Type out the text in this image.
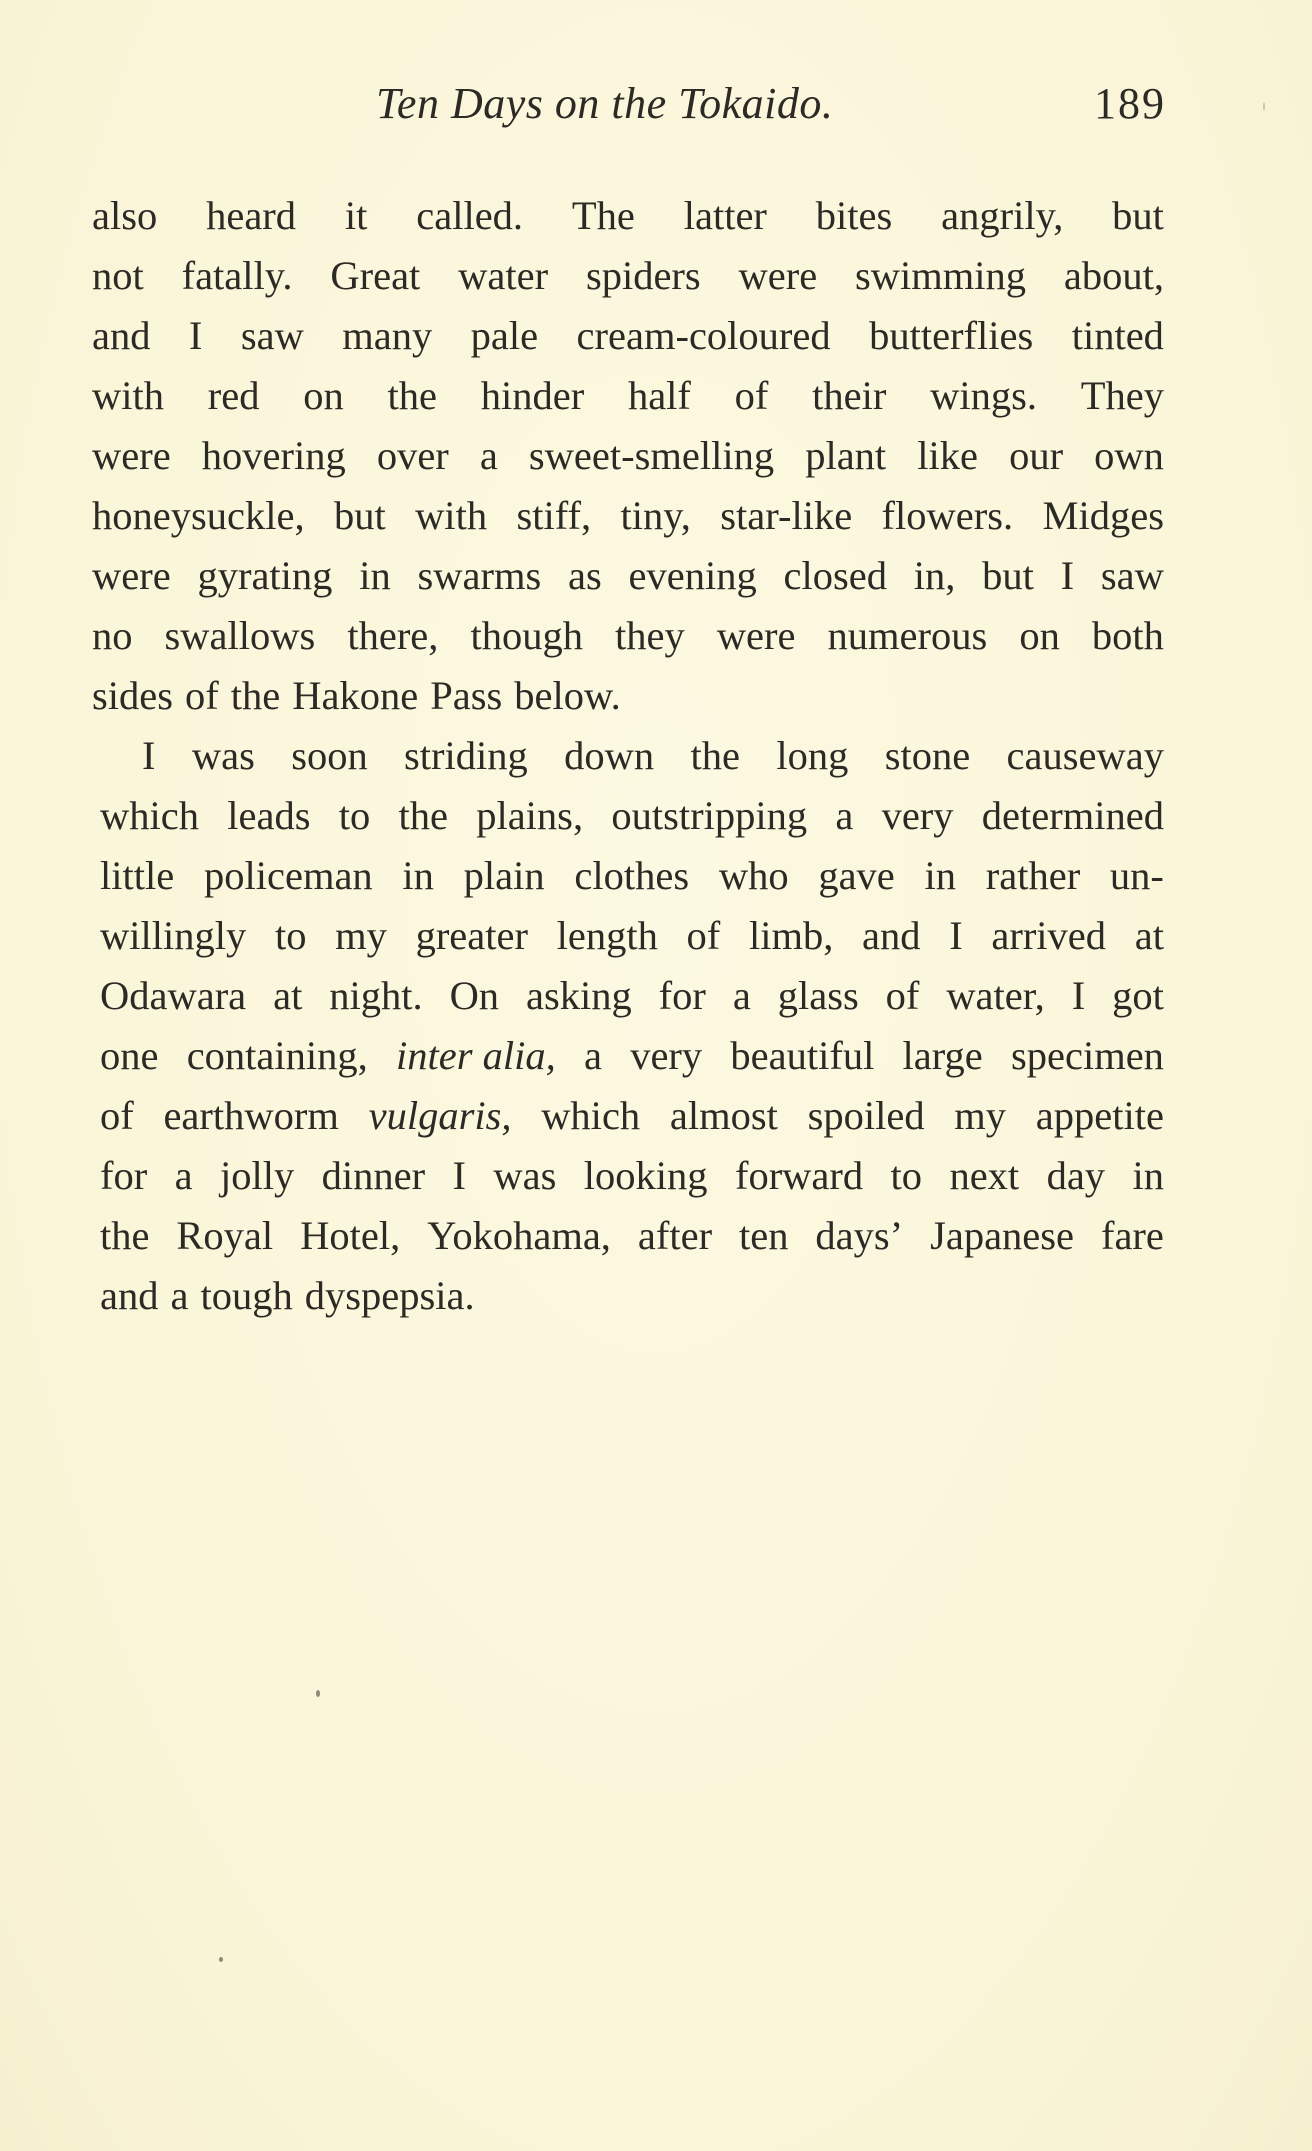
Ten Days on the Tokaido.	189
also heard it called. The latter bites angrily, but
not fatally. Great water spiders were swimming about,
and I saw many pale cream-coloured butterflies tinted
with red on the hinder half of their wings. They
were hovering over a sweet-smelling plant like our own
honeysuckle, but with stiff, tiny, star-like flowers. Midges
were gyrating in swarms as evening closed in, but I saw
no swallows there, though they were numerous on both
sides of the Hakone Pass below.
I was soon striding down the long stone causeway
which leads to the plains, outstripping a very determined
little policeman in plain clothes who gave in rather un-
willingly to my greater length of limb, and I arrived at
Odawara at night. On asking for a glass of water, I got
one containing, inter alia, a very beautiful large specimen
of earthworm vulgaris, which almost spoiled my appetite
for a jolly dinner I was looking forward to next day in
the Royal Hotel, Yokohama, after ten days’ Japanese fare
and a tough dyspepsia.
